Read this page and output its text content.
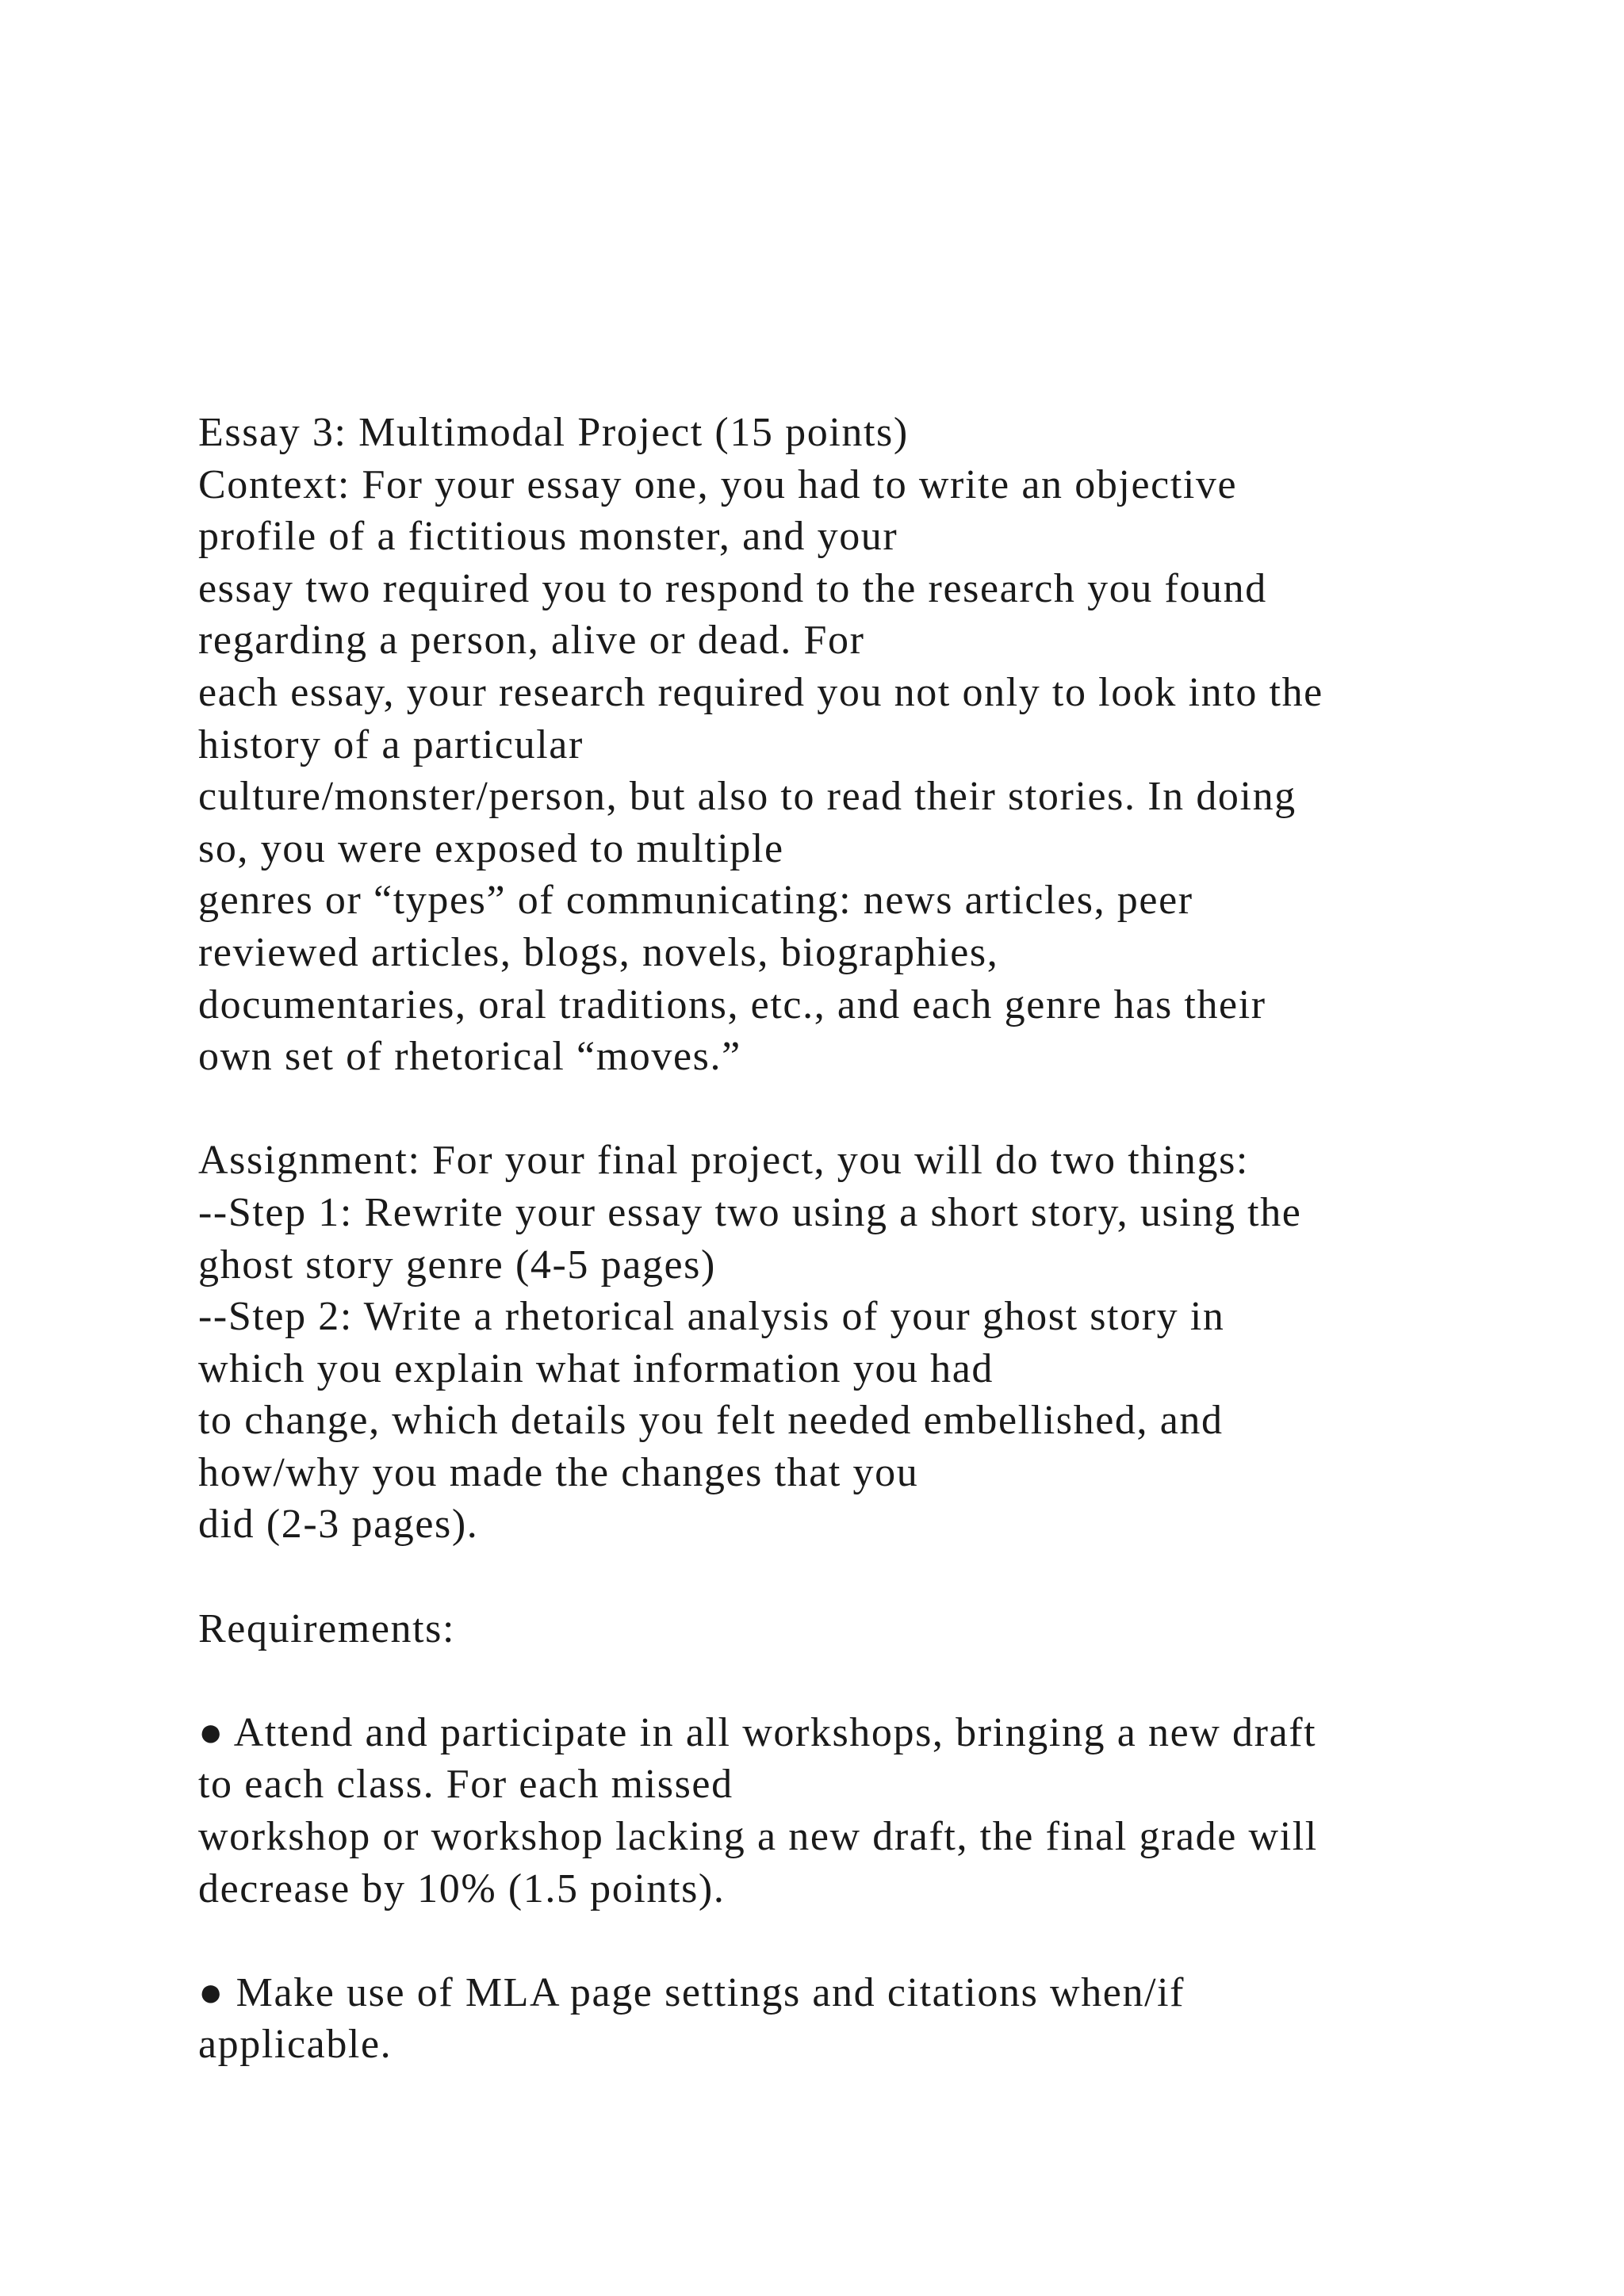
Essay 3: Multimodal Project (15 points)
Context: For your essay one, you had to write an objective
profile of a fictitious monster, and your
essay two required you to respond to the research you found
regarding a person, alive or dead. For
each essay, your research required you not only to look into the
history of a particular
culture/monster/person, but also to read their stories. In doing
so, you were exposed to multiple
genres or “types” of communicating: news articles, peer
reviewed articles, blogs, novels, biographies,
documentaries, oral traditions, etc., and each genre has their
own set of rhetorical “moves.”
Assignment: For your final project, you will do two things:
--Step 1: Rewrite your essay two using a short story, using the
ghost story genre (4-5 pages)
--Step 2: Write a rhetorical analysis of your ghost story in
which you explain what information you had
to change, which details you felt needed embellished, and
how/why you made the changes that you
did (2-3 pages).
Requirements:
● Attend and participate in all workshops, bringing a new draft
to each class. For each missed
workshop or workshop lacking a new draft, the final grade will
decrease by 10% (1.5 points).
● Make use of MLA page settings and citations when/if
applicable.
